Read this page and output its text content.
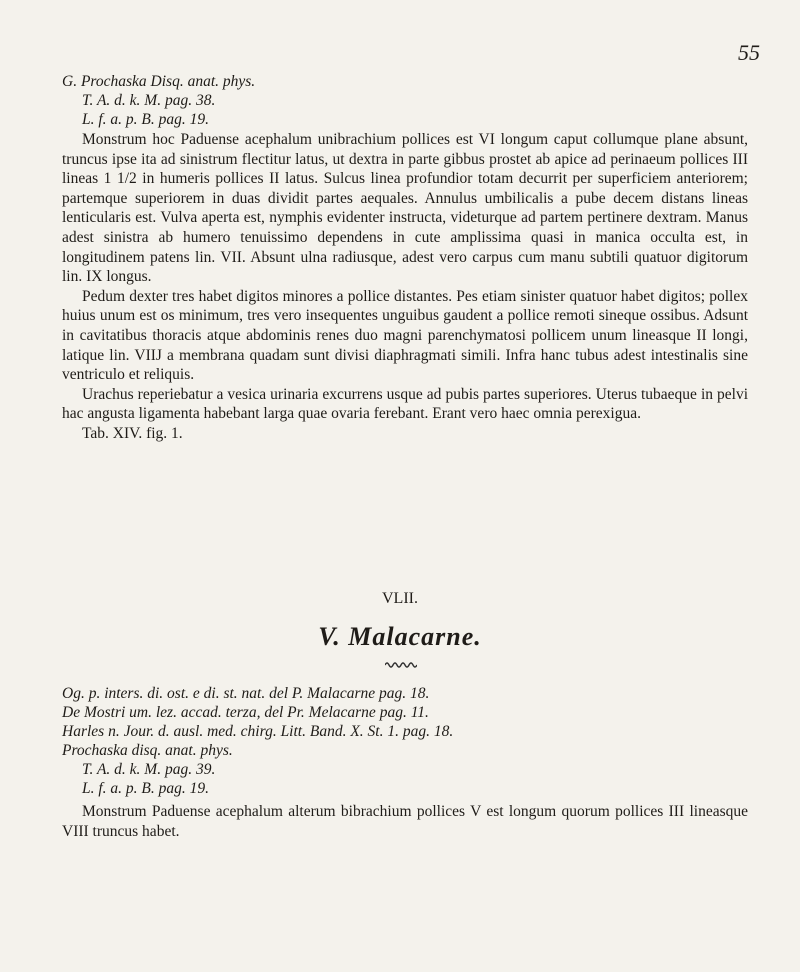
55
G. Prochaska Disq. anat. phys.
T. A. d. k. M. pag. 38.
L. f. a. p. B. pag. 19.

Monstrum hoc Paduense acephalum unibrachium pollices est VI longum caput collumque plane absunt, truncus ipse ita ad sinistrum flectitur latus, ut dextra in parte gibbus prostet ab apice ad perinaeum pollices III lineas 1 1/2 in humeris pollices II latus. Sulcus linea profundior totam decurrit per superficiem anteriorem; partemque superiorem in duas dividit partes aequales. Annulus umbilicalis a pube decem distans lineas lenticularis est. Vulva aperta est, nymphis evidenter instructa, videturque ad partem pertinere dextram. Manus adest sinistra ab humero tenuissimo dependens in cute amplissima quasi in manica occulta est, in longitudinem patens lin. VII. Absunt ulna radiusque, adest vero carpus cum manu subtili quatuor digitorum lin. IX longus.

Pedum dexter tres habet digitos minores a pollice distantes. Pes etiam sinister quatuor habet digitos; pollex huius unum est os minimum, tres vero insequentes unguibus gaudent a pollice remoti sineque ossibus. Adsunt in cavitatibus thoracis atque abdominis renes duo magni parenchymatosi pollicem unum lineasque II longi, latique lin. VIIJ a membrana quadam sunt divisi diaphragmati simili. Infra hanc tubus adest intestinalis sine ventriculo et reliquis.

Urachus reperiebatur a vesica urinaria excurrens usque ad pubis partes superiores. Uterus tubaeque in pelvi hac angusta ligamenta habebant larga quae ovaria ferebant. Erant vero haec omnia perexigua.

Tab. XIV. fig. 1.
VLII.
V. Malacarne.
Og. p. inters. di. ost. e di. st. nat. del P. Malacarne pag. 18.
De Mostri um. lez. accad. terza, del Pr. Melacarne pag. 11.
Harles n. Jour. d. ausl. med. chirg. Litt. Band. X. St. 1. pag. 18.
Prochaska disq. anat. phys.
T. A. d. k. M. pag. 39.
L. f. a. p. B. pag. 19.

Monstrum Paduense acephalum alterum bibrachium pollices V est longum quorum pollices III lineasque VIII truncus habet.
